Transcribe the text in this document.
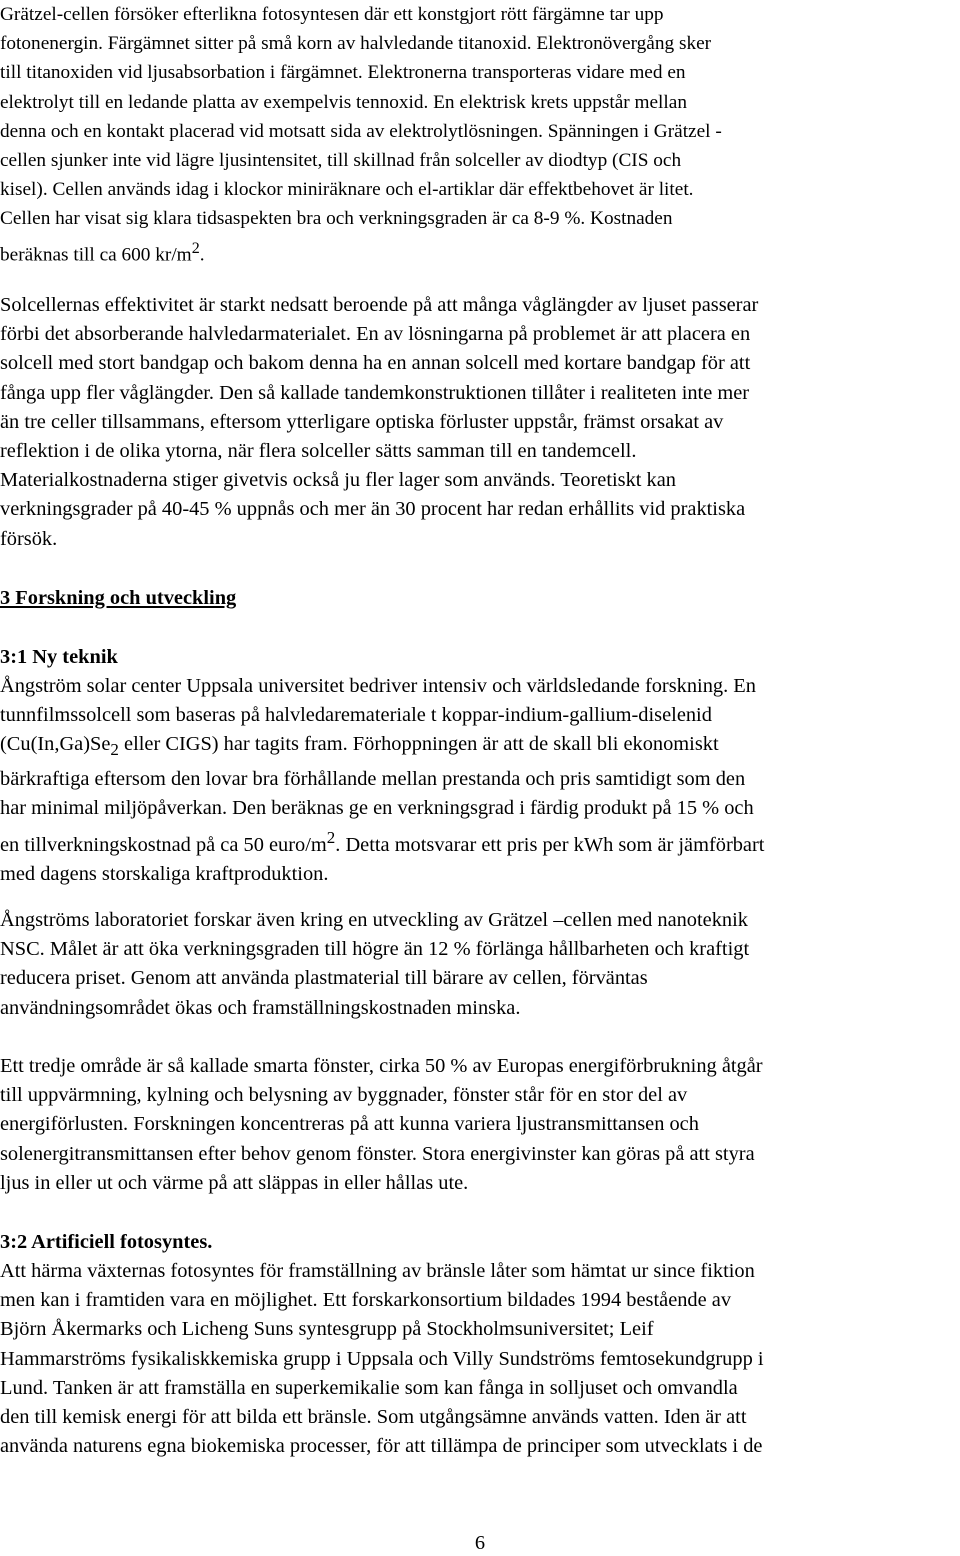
Grätzel-cellen försöker efterlikna fotosyntesen där ett konstgjort rött färgämne tar upp

fotonenergin. Färgämnet sitter på små korn av halvledande titanoxid. Elektronövergång sker

till titanoxiden vid ljusabsorbation i färgämnet. Elektronerna transporteras vidare med en

elektrolyt till en ledande platta av exempelvis tennoxid. En elektrisk krets uppstår mellan

denna och en kontakt placerad vid motsatt sida av elektrolytlösningen. Spänningen i Grätzel -

cellen sjunker inte vid lägre ljusintensitet, till skillnad från solceller av diodtyp (CIS och

kisel). Cellen används idag i klockor miniräknare och el-artiklar där effektbehovet är litet.

Cellen har visat sig klara tidsaspekten bra och verkningsgraden är ca 8-9 %. Kostnaden

beräknas till ca 600 $kr/m^2$.

Solcellernas effektivitet är starkt nedsatt beroende på att många våglängder av ljuset passerar

förbi det absorberande halvledarmaterialet. En av lösningarna på problemet är att placera en

solcell med stort bandgap och bakom denna ha en annan solcell med kortare bandgap för att

fånga upp fler våglängder. Den så kallade tandemkonstruktionen tillåter i realiteten inte mer

än tre celler tillsammans, eftersom ytterligare optiska förluster uppstår, främst orsakat av

reflektion i de olika ytorna, när flera solceller sätts samman till en tandemcell.

Materialkostnaderna stiger givetvis också ju fler lager som används. Teoretiskt kan

verkningsgrader på 40-45 % uppnås och mer än 30 procent har redan erhållits vid praktiska

försök.

3 Forskning och utveckling
3:1 Ny teknik

Ångström solar center Uppsala universitet bedriver intensiv och världsledande forskning. En

tunnfilmssolcell som baseras på halvledaremateriale t koppar-indium-gallium-diselenid

($Cu(In,Ga)Se_2$ eller CIGS) har tagits fram. Förhoppningen är att de skall bli ekonomiskt

bärkraftiga eftersom den lovar bra förhållande mellan prestanda och pris samtidigt som den

har minimal miljöpåverkan. Den beräknas ge en verkningsgrad i färdig produkt på 15 % och

en tillverkningskostnad på ca 50 euro/$m^2$. Detta motsvarar ett pris per kWh som är jämförbart

med dagens storskaliga kraftproduktion.

Ångströms laboratoriet forskar även kring en utveckling av Grätzel –cellen med nanoteknik

NSC. Målet är att öka verkningsgraden till högre än 12 % förlänga hållbarheten och kraftigt

reducera priset. Genom att använda plastmaterial till bärare av cellen, förväntas

användningsområdet ökas och framställningskostnaden minska.

Ett tredje område är så kallade smarta fönster, cirka 50 % av Europas energiförbrukning åtgår

till uppvärmning, kylning och belysning av byggnader, fönster står för en stor del av

energiförlusten. Forskningen koncentreras på att kunna variera ljustransmittansen och

solenergitransmittansen efter behov genom fönster. Stora energivinster kan göras på att styra

ljus in eller ut och värme på att släppas in eller hållas ute.

3:2 Artificiell fotosyntes.

Att härma växternas fotosyntes för framställning av bränsle låter som hämtat ur since fiktion

men kan i framtiden vara en möjlighet. Ett forskarkonsortium bildades 1994 bestående av

Björn Åkermarks och Licheng Suns syntesgrupp på Stockholmsuniversitet; Leif

Hammarströms fysikaliskkemiska grupp i Uppsala och Villy Sundströms femtosekundgrupp i

Lund. Tanken är att framställa en superkemikalie som kan fånga in solljuset och omvandla

den till kemisk energi för att bilda ett bränsle. Som utgångsämne används vatten. Iden är att

använda naturens egna biokemiska processer, för att tillämpa de principer som utvecklats i de

6
